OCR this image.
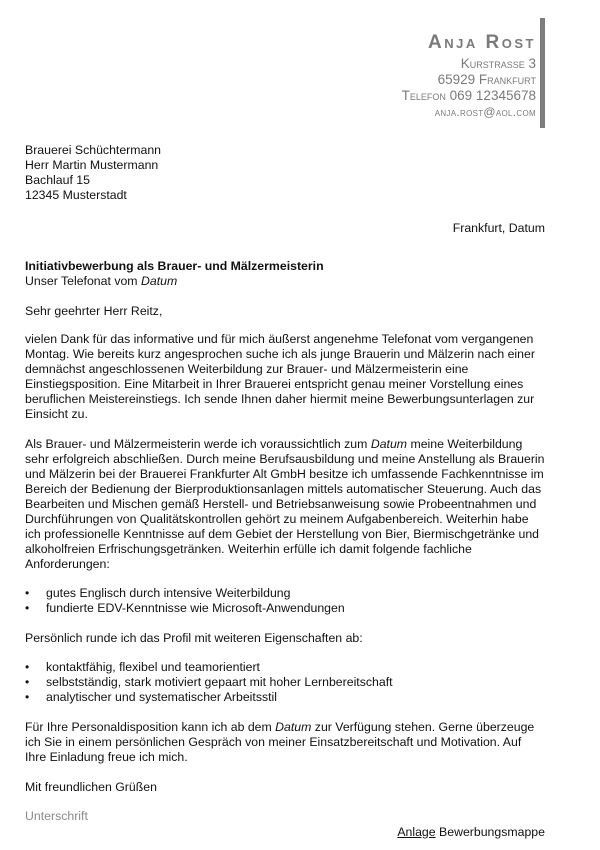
Anja Rost
Kurstraße 3
65929 Frankfurt
Telefon 069 12345678
anja.rost@aol.com
Brauerei Schüchtermann
Herr Martin Mustermann
Bachlauf 15
12345 Musterstadt
Frankfurt, Datum
Initiativbewerbung als Brauer- und Mälzermeisterin
Unser Telefonat vom Datum
Sehr geehrter Herr Reitz,

vielen Dank für das informative und für mich äußerst angenehme Telefonat vom vergangenen Montag. Wie bereits kurz angesprochen suche ich als junge Brauerin und Mälzerin nach einer demnächst angeschlossenen Weiterbildung zur Brauer- und Mälzermeisterin eine Einstiegsposition. Eine Mitarbeit in Ihrer Brauerei entspricht genau meiner Vorstellung eines beruflichen Meistereinstiegs. Ich sende Ihnen daher hiermit meine Bewerbungsunterlagen zur Einsicht zu.

Als Brauer- und Mälzermeisterin werde ich voraussichtlich zum Datum meine Weiterbildung sehr erfolgreich abschließen. Durch meine Berufsausbildung und meine Anstellung als Brauerin und Mälzerin bei der Brauerei Frankfurter Alt GmbH besitze ich umfassende Fachkenntnisse im Bereich der Bedienung der Bierproduktionsanlagen mittels automatischer Steuerung. Auch das Bearbeiten und Mischen gemäß Herstell- und Betriebsanweisung sowie Probeentnahmen und Durchführungen von Qualitätskontrollen gehört zu meinem Aufgabenbereich. Weiterhin habe ich professionelle Kenntnisse auf dem Gebiet der Herstellung von Bier, Biermischgetränke und alkoholfreien Erfrischungsgetränken. Weiterhin erfülle ich damit folgende fachliche Anforderungen:

• gutes Englisch durch intensive Weiterbildung
• fundierte EDV-Kenntnisse wie Microsoft-Anwendungen

Persönlich runde ich das Profil mit weiteren Eigenschaften ab:

• kontaktfähig, flexibel und teamorientiert
• selbstständig, stark motiviert gepaart mit hoher Lernbereitschaft
• analytischer und systematischer Arbeitsstil

Für Ihre Personaldisposition kann ich ab dem Datum zur Verfügung stehen. Gerne überzeuge ich Sie in einem persönlichen Gespräch von meiner Einsatzbereitschaft und Motivation. Auf Ihre Einladung freue ich mich.

Mit freundlichen Grüßen

Unterschrift
Anlage Bewerbungsmappe
